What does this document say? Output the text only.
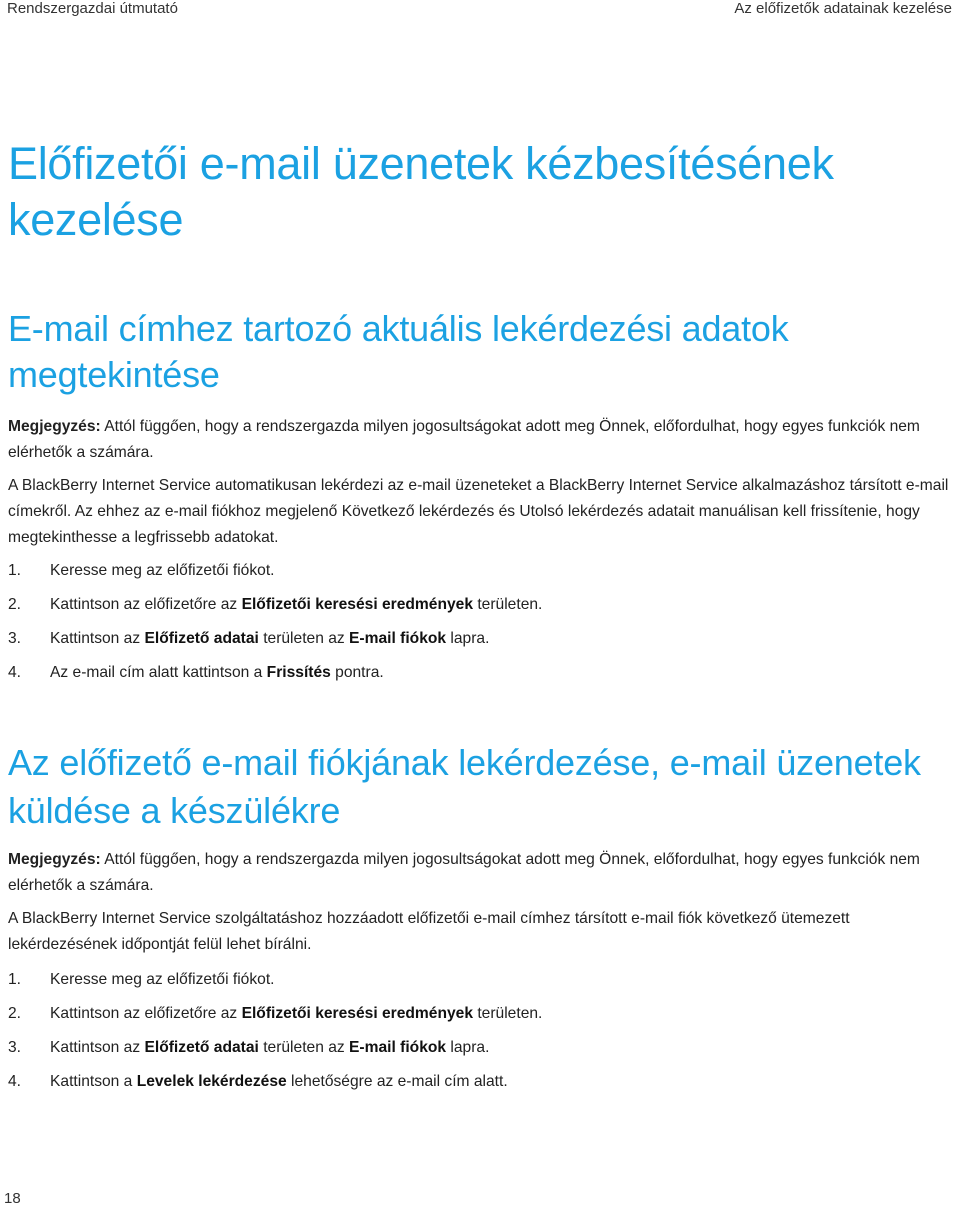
Rendszergazdai útmutató	Az előfizetők adatainak kezelése
Előfizetői e-mail üzenetek kézbesítésének kezelése
E-mail címhez tartozó aktuális lekérdezési adatok megtekintése

Megjegyzés: Attól függően, hogy a rendszergazda milyen jogosultságokat adott meg Önnek, előfordulhat, hogy egyes funkciók nem elérhetők a számára.

A BlackBerry Internet Service automatikusan lekérdezi az e-mail üzeneteket a BlackBerry Internet Service alkalmazáshoz társított e-mail címekről. Az ehhez az e-mail fiókhoz megjelenő Következő lekérdezés és Utolsó lekérdezés adatait manuálisan kell frissítenie, hogy megtekinthesse a legfrissebb adatokat.

1. Keresse meg az előfizetői fiókot.
2. Kattintson az előfizetőre az Előfizetői keresési eredmények területen.
3. Kattintson az Előfizető adatai területen az E-mail fiókok lapra.
4. Az e-mail cím alatt kattintson a Frissítés pontra.
Az előfizető e-mail fiókjának lekérdezése, e-mail üzenetek küldése a készülékre

Megjegyzés: Attól függően, hogy a rendszergazda milyen jogosultságokat adott meg Önnek, előfordulhat, hogy egyes funkciók nem elérhetők a számára.

A BlackBerry Internet Service szolgáltatáshoz hozzáadott előfizetői e-mail címhez társított e-mail fiók következő ütemezett lekérdezésének időpontját felül lehet bírálni.

1. Keresse meg az előfizetői fiókot.
2. Kattintson az előfizetőre az Előfizetői keresési eredmények területen.
3. Kattintson az Előfizető adatai területen az E-mail fiókok lapra.
4. Kattintson a Levelek lekérdezése lehetőségre az e-mail cím alatt.
18
